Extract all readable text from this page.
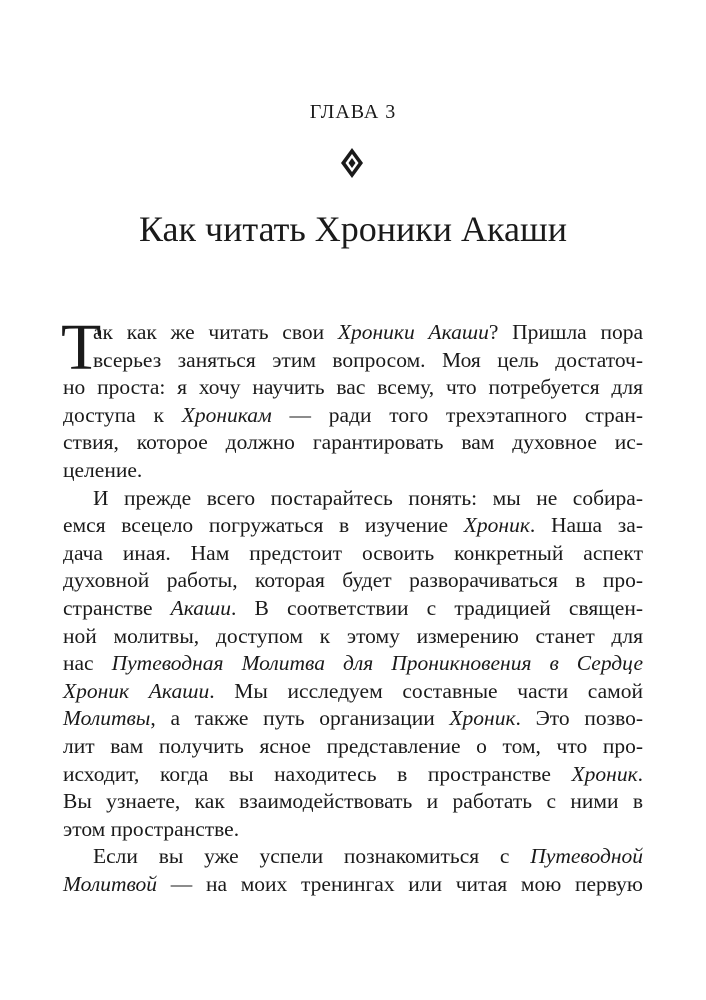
ГЛАВА 3
Как читать Хроники Акаши
Т
ак как же читать свои Хроники Акаши? Пришла пора
всерьез заняться этим вопросом. Моя цель достаточ-
но проста: я хочу научить вас всему, что потребуется для
доступа к Хроникам — ради того трехэтапного стран-
ствия, которое должно гарантировать вам духовное ис-
целение.
И прежде всего постарайтесь понять: мы не собира-
емся всецело погружаться в изучение Хроник. Наша за-
дача иная. Нам предстоит освоить конкретный аспект
духовной работы, которая будет разворачиваться в про-
странстве Акаши. В соответствии с традицией священ-
ной молитвы, доступом к этому измерению станет для
нас Путеводная Молитва для Проникновения в Сердце
Хроник Акаши. Мы исследуем составные части самой
Молитвы, а также путь организации Хроник. Это позво-
лит вам получить ясное представление о том, что про-
исходит, когда вы находитесь в пространстве Хроник.
Вы узнаете, как взаимодействовать и работать с ними в
этом пространстве.
Если вы уже успели познакомиться с Путеводной
Молитвой — на моих тренингах или читая мою первую
